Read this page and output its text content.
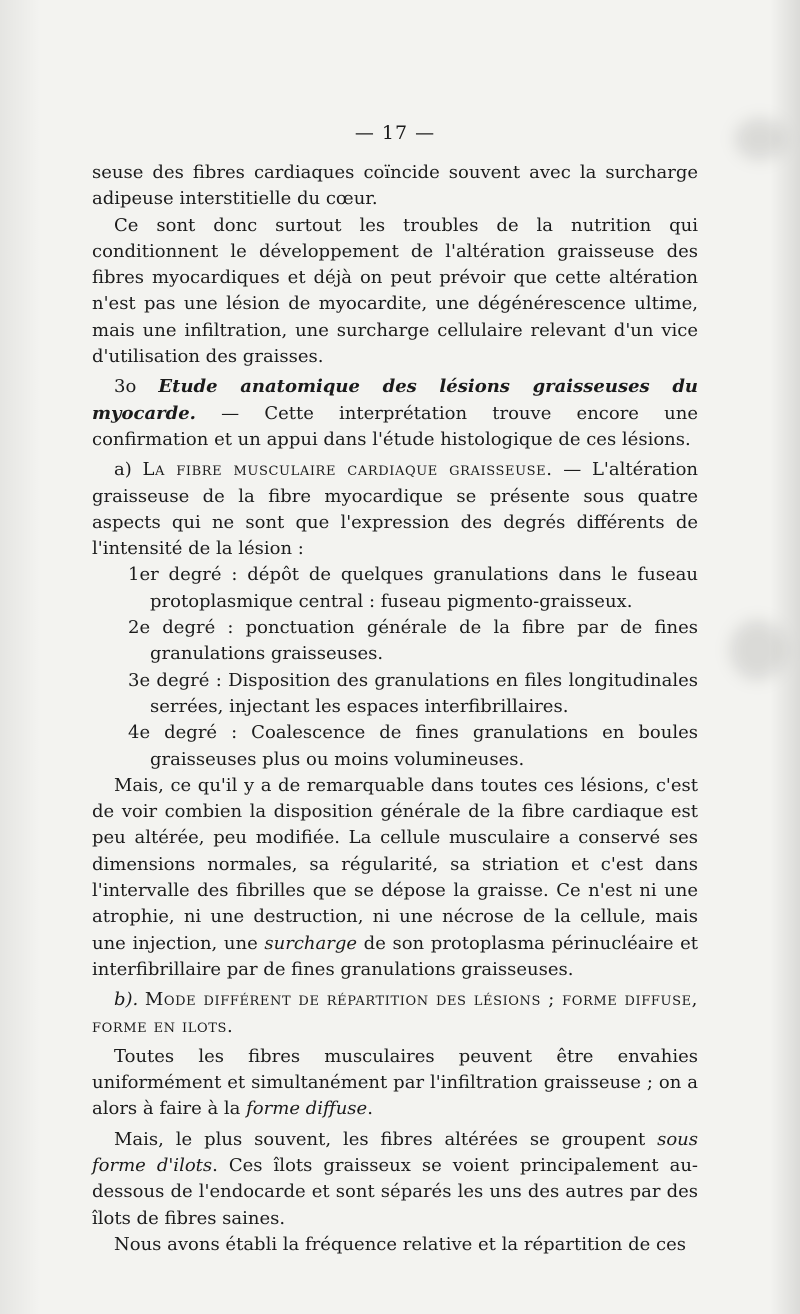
— 17 —

seuse des fibres cardiaques coïncide souvent avec la surcharge adipeuse interstitielle du cœur.

Ce sont donc surtout les troubles de la nutrition qui conditionnent le développement de l'altération graisseuse des fibres myocardiques et déjà on peut prévoir que cette altération n'est pas une lésion de myocardite, une dégénérescence ultime, mais une infiltration, une surcharge cellulaire relevant d'un vice d'utilisation des graisses.

3o Etude anatomique des lésions graisseuses du myocarde. — Cette interprétation trouve encore une confirmation et un appui dans l'étude histologique de ces lésions.

a) La fibre musculaire cardiaque graisseuse. — L'altération graisseuse de la fibre myocardique se présente sous quatre aspects qui ne sont que l'expression des degrés différents de l'intensité de la lésion :

1er degré : dépôt de quelques granulations dans le fuseau protoplasmique central : fuseau pigmento-graisseux.

2e degré : ponctuation générale de la fibre par de fines granulations graisseuses.

3e degré : Disposition des granulations en files longitudinales serrées, injectant les espaces interfibrillaires.

4e degré : Coalescence de fines granulations en boules graisseuses plus ou moins volumineuses.

Mais, ce qu'il y a de remarquable dans toutes ces lésions, c'est de voir combien la disposition générale de la fibre cardiaque est peu altérée, peu modifiée. La cellule musculaire a conservé ses dimensions normales, sa régularité, sa striation et c'est dans l'intervalle des fibrilles que se dépose la graisse. Ce n'est ni une atrophie, ni une destruction, ni une nécrose de la cellule, mais une injection, une surcharge de son protoplasma périnucléaire et interfibrillaire par de fines granulations graisseuses.

b). Mode différent de répartition des lésions ; forme diffuse, forme en ilots.

Toutes les fibres musculaires peuvent être envahies uniformément et simultanément par l'infiltration graisseuse ; on a alors à faire à la forme diffuse.

Mais, le plus souvent, les fibres altérées se groupent sous forme d'ilots. Ces îlots graisseux se voient principalement au-dessous de l'endocarde et sont séparés les uns des autres par des îlots de fibres saines.

Nous avons établi la fréquence relative et la répartition de ces
